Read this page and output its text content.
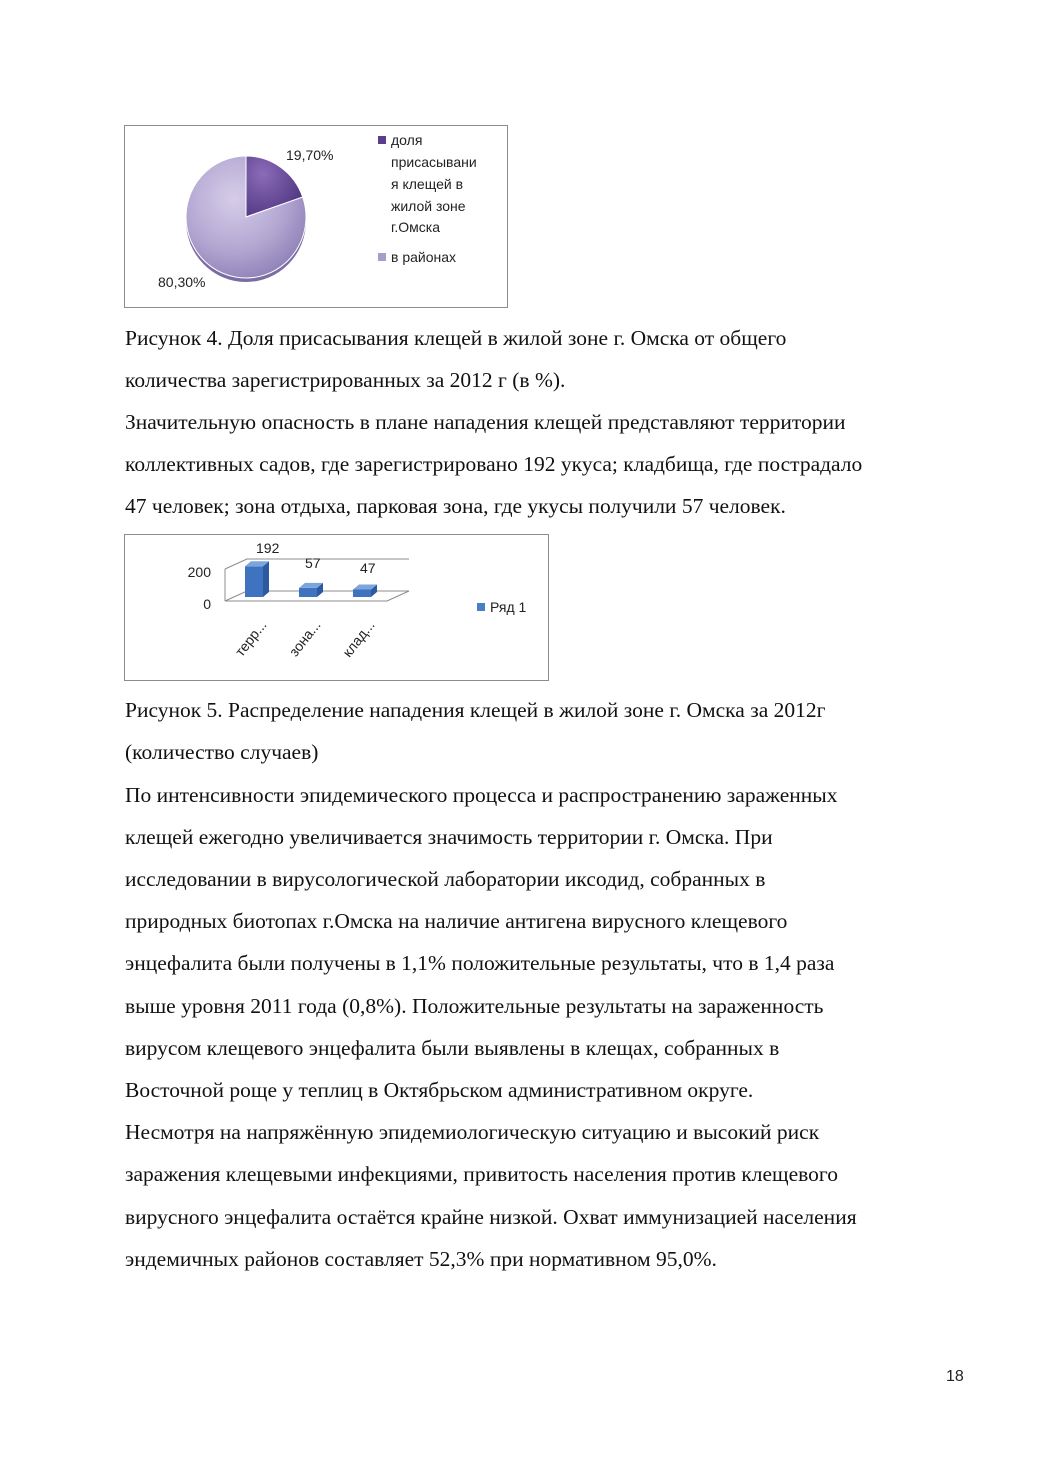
19,70%
80,30%
доля
присасывани
я клещей в
жилой зоне
г.Омска
в районах
Рисунок 4. Доля присасывания клещей в жилой зоне г. Омска от общего
количества зарегистрированных за 2012 г (в %).
Значительную опасность в плане нападения клещей представляют территории
коллективных садов, где зарегистрировано 192 укуса; кладбища, где пострадало
47 человек; зона отдыха, парковая зона, где укусы получили 57 человек.
200
0
192
57	47
терр...	зона...	клад...
Ряд 1
Рисунок 5. Распределение нападения клещей в жилой зоне г. Омска за 2012г
(количество случаев)
По интенсивности эпидемического процесса и распространению зараженных
клещей ежегодно увеличивается значимость территории г. Омска. При
исследовании в вирусологической лаборатории иксодид, собранных в
природных биотопах г.Омска на наличие антигена вирусного клещевого
энцефалита были получены в 1,1% положительные результаты, что в 1,4 раза
выше уровня 2011 года (0,8%). Положительные результаты на зараженность
вирусом клещевого энцефалита были выявлены в клещах, собранных в
Восточной роще у теплиц в Октябрьском административном округе.
Несмотря на напряжённую эпидемиологическую ситуацию и высокий риск
заражения клещевыми инфекциями, привитость населения против клещевого
вирусного энцефалита остаётся крайне низкой. Охват иммунизацией населения
эндемичных районов составляет 52,3% при нормативном 95,0%.
18
